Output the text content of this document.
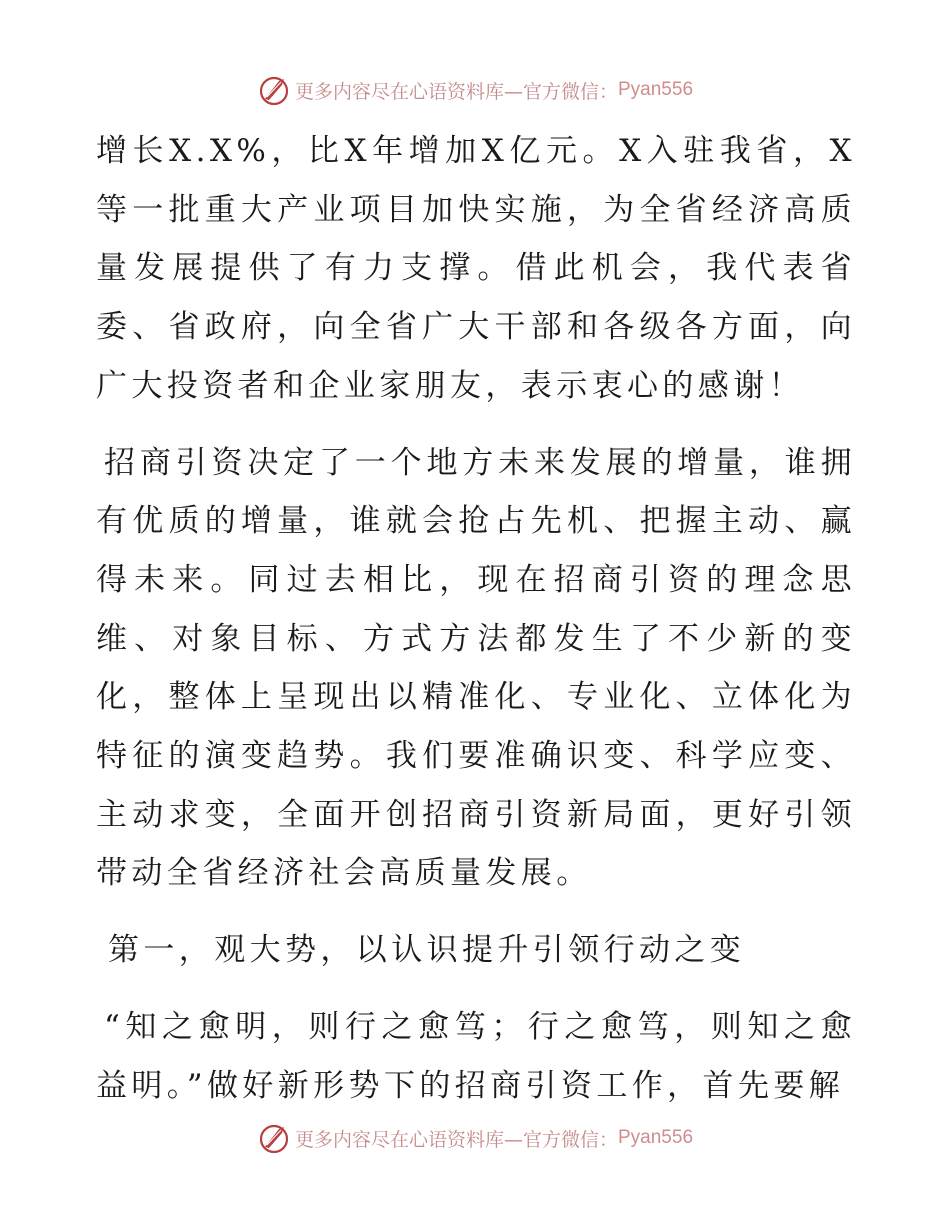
更多内容尽在心语资料库—官方微信： Pyan556

增长X.X%，比X年增加X亿元。X入驻我省，X等一批重大产业项目加快实施，为全省经济高质量发展提供了有力支撑。借此机会，我代表省委、省政府，向全省广大干部和各级各方面，向广大投资者和企业家朋友，表示衷心的感谢！

招商引资决定了一个地方未来发展的增量，谁拥有优质的增量，谁就会抢占先机、把握主动、赢得未来。同过去相比，现在招商引资的理念思维、对象目标、方式方法都发生了不少新的变化，整体上呈现出以精准化、专业化、立体化为特征的演变趋势。我们要准确识变、科学应变、主动求变，全面开创招商引资新局面，更好引领带动全省经济社会高质量发展。

第一，观大势，以认识提升引领行动之变

“知之愈明，则行之愈笃；行之愈笃，则知之愈益明。”做好新形势下的招商引资工作，首先要解

更多内容尽在心语资料库—官方微信： Pyan556
